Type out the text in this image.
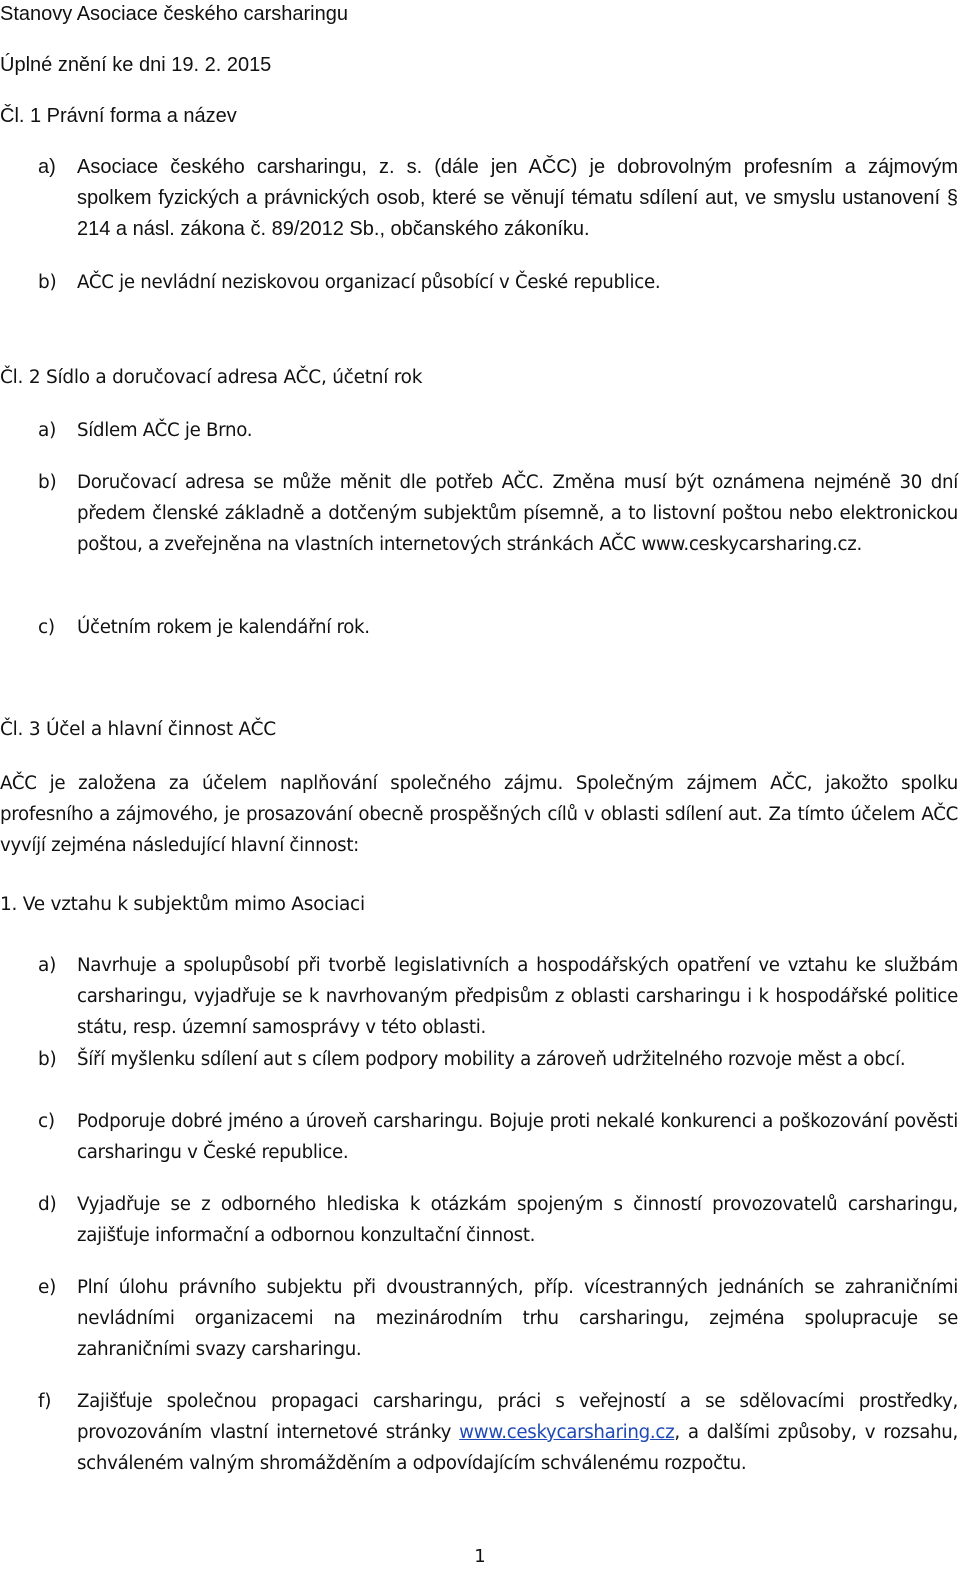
Stanovy Asociace českého carsharingu
Úplné znění ke dni 19. 2. 2015
Čl. 1 Právní forma a název
a) Asociace českého carsharingu, z. s. (dále jen AČC) je dobrovolným profesním a zájmovým spolkem fyzických a právnických osob, které se věnují tématu sdílení aut, ve smyslu ustanovení § 214 a násl. zákona č. 89/2012 Sb., občanského zákoníku.
b) AČC je nevládní neziskovou organizací působící v České republice.
Čl. 2 Sídlo a doručovací adresa AČC, účetní rok
a) Sídlem AČC je Brno.
b) Doručovací adresa se může měnit dle potřeb AČC. Změna musí být oznámena nejméně 30 dní předem členské základně a dotčeným subjektům písemně, a to listovní poštou nebo elektronickou poštou, a zveřejněna na vlastních internetových stránkách AČC www.ceskycarsharing.cz.
c) Účetním rokem je kalendářní rok.
Čl. 3 Účel a hlavní činnost AČC
AČC je založena za účelem naplňování společného zájmu. Společným zájmem AČC, jakožto spolku profesního a zájmového, je prosazování obecně prospěšných cílů v oblasti sdílení aut. Za tímto účelem AČC vyvíjí zejména následující hlavní činnost:
1. Ve vztahu k subjektům mimo Asociaci
a) Navrhuje a spolupůsobí při tvorbě legislativních a hospodářských opatření ve vztahu ke službám carsharingu, vyjadřuje se k navrhovaným předpisům z oblasti carsharingu i k hospodářské politice státu, resp. územní samosprávy v této oblasti.
b) Šíří myšlenku sdílení aut s cílem podpory mobility a zároveň udržitelného rozvoje měst a obcí.
c) Podporuje dobré jméno a úroveň carsharingu. Bojuje proti nekalé konkurenci a poškozování pověsti carsharingu v České republice.
d) Vyjadřuje se z odborného hlediska k otázkám spojeným s činností provozovatelů carsharingu, zajišťuje informační a odbornou konzultační činnost.
e) Plní úlohu právního subjektu při dvoustranných, příp. vícestranných jednáních se zahraničními nevládními organizacemi na mezinárodním trhu carsharingu, zejména spolupracuje se zahraničními svazy carsharingu.
f) Zajišťuje společnou propagaci carsharingu, práci s veřejností a se sdělovacími prostředky, provozováním vlastní internetové stránky www.ceskycarsharing.cz, a dalšími způsoby, v rozsahu, schváleném valným shromážděním a odpovídajícím schválenému rozpočtu.
1
